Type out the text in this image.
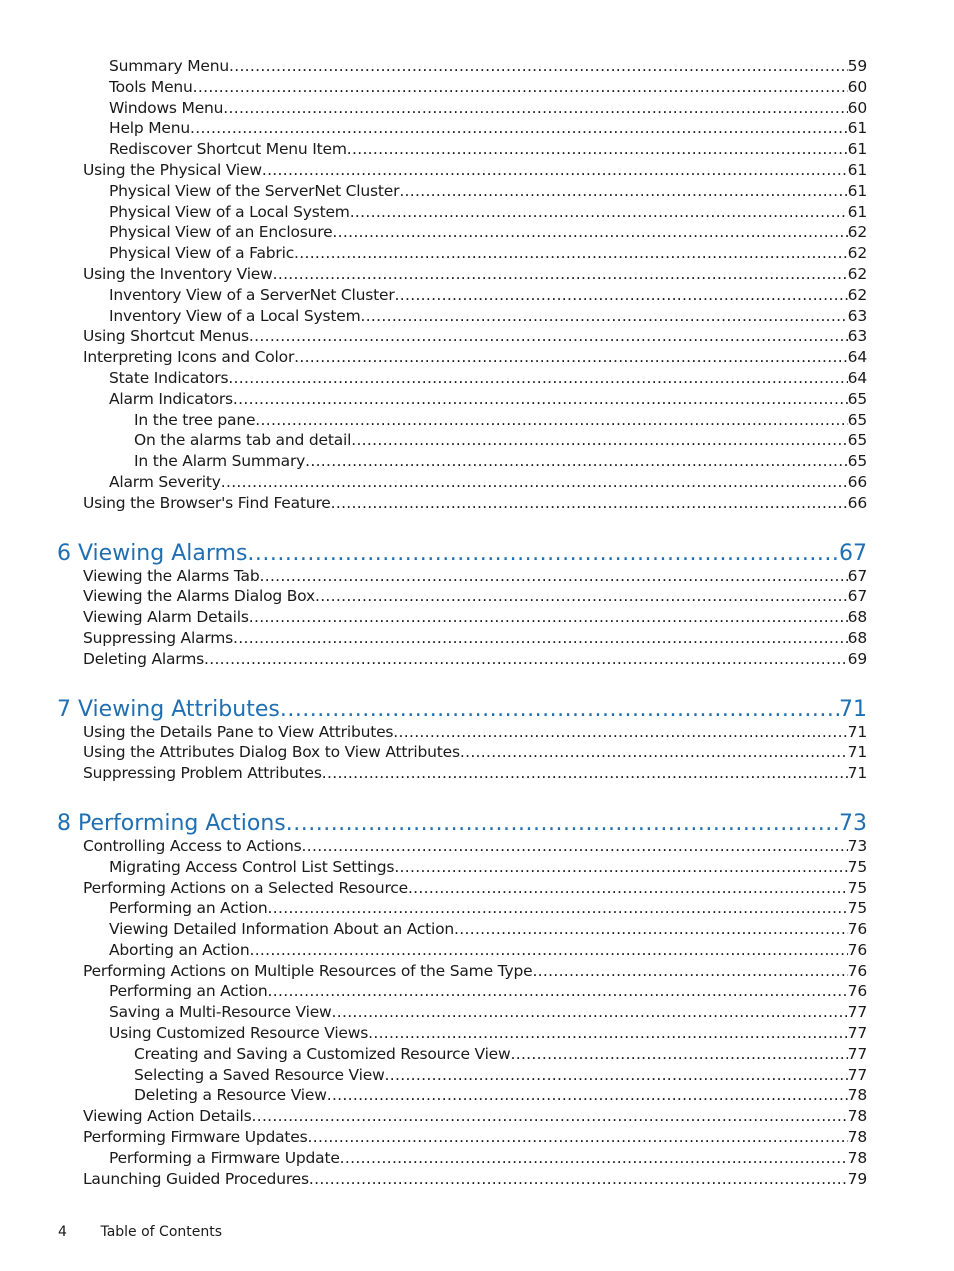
Summary Menu .....	59
Tools Menu .....	60
Windows Menu .....	60
Help Menu .....	61
Rediscover Shortcut Menu Item .....	61
Using the Physical View .....	61
Physical View of the ServerNet Cluster .....	61
Physical View of a Local System .....	61
Physical View of an Enclosure .....	62
Physical View of a Fabric .....	62
Using the Inventory View .....	62
Inventory View of a ServerNet Cluster .....	62
Inventory View of a Local System .....	63
Using Shortcut Menus .....	63
Interpreting Icons and Color .....	64
State Indicators .....	64
Alarm Indicators .....	65
In the tree pane .....	65
On the alarms tab and detail .....	65
In the Alarm Summary .....	65
Alarm Severity .....	66
Using the Browser's Find Feature .....	66
6 Viewing Alarms .....	67
Viewing the Alarms Tab .....	67
Viewing the Alarms Dialog Box .....	67
Viewing Alarm Details .....	68
Suppressing Alarms .....	68
Deleting Alarms .....	69
7 Viewing Attributes .....	71
Using the Details Pane to View Attributes .....	71
Using the Attributes Dialog Box to View Attributes .....	71
Suppressing Problem Attributes .....	71
8 Performing Actions .....	73
Controlling Access to Actions .....	73
Migrating Access Control List Settings .....	75
Performing Actions on a Selected Resource .....	75
Performing an Action .....	75
Viewing Detailed Information About an Action .....	76
Aborting an Action .....	76
Performing Actions on Multiple Resources of the Same Type .....	76
Performing an Action .....	76
Saving a Multi-Resource View .....	77
Using Customized Resource Views .....	77
Creating and Saving a Customized Resource View .....	77
Selecting a Saved Resource View .....	77
Deleting a Resource View .....	78
Viewing Action Details .....	78
Performing Firmware Updates .....	78
Performing a Firmware Update .....	78
Launching Guided Procedures .....	79
4 Table of Contents
